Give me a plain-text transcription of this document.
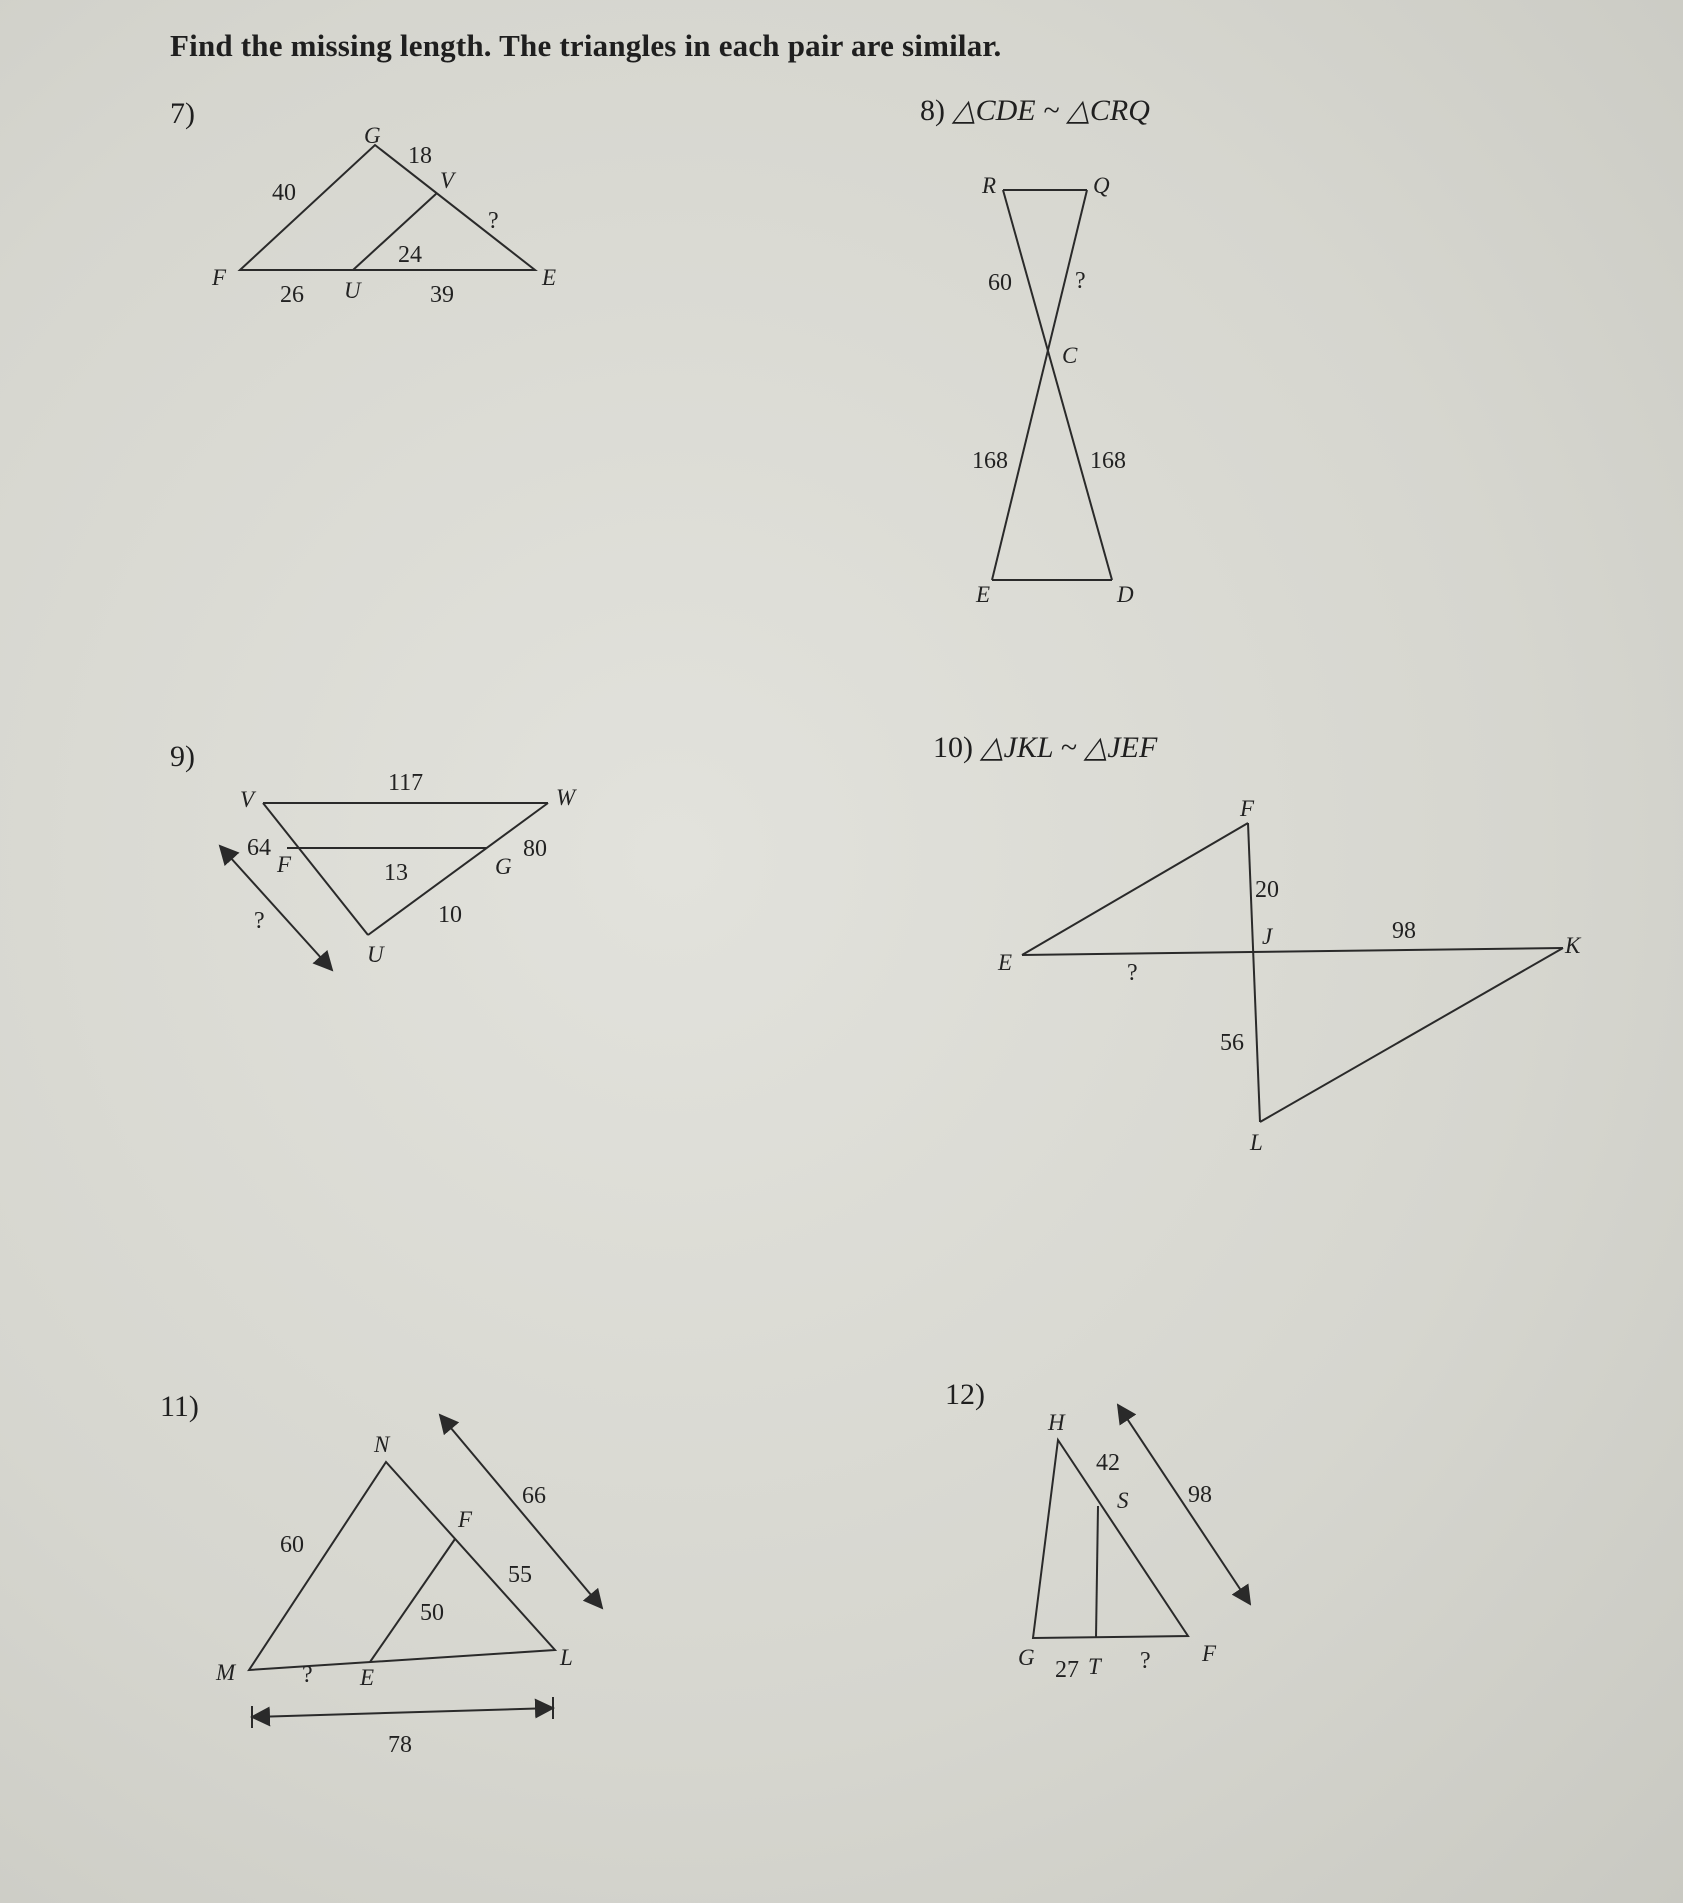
Find the missing length. The triangles in each pair are similar.
7)	8) △CDE ~ △CRQ
9)	10) △JKL ~ △JEF
11)	12)
G
V
F
U
E
40
18
?
24
26	39
R	Q
C
E	D
60	?
168	168
V	W
F	G
U
117
64
13
80
10
?
F
J
E
K
L
20
98
?
56
N
F
M	E
L
60
66
55
50
?
78
H
S
G T
F
42
98
27	?
